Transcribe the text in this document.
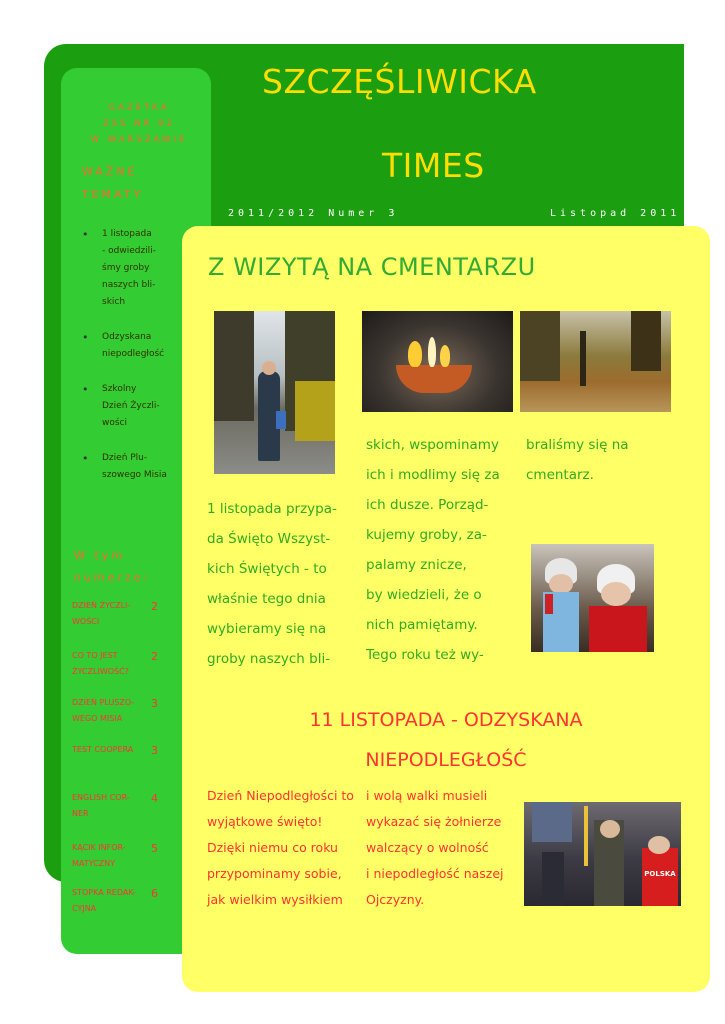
SZCZĘŚLIWICKA
TIMES
2011/2012 Numer 3	Listopad 2011
GAZETKA
ZSS NR 92
W WARSZAWIE
WAŻNE
TEMATY
• 1 listopada
- odwiedzili-
śmy groby
naszych bli-
skich
• Odzyskana
niepodległość
• Szkolny
Dzień Życzli-
wości
• Dzień Plu-
szowego Misia
W tym
numerze:
DZIEŃ ŻYCZLI-
WOŚCI
2
CO TO JEST
ŻYCZLIWOŚĆ?
2
DZIEŃ PLUSZO-
WEGO MISIA
3
TEST COOPERA	3
ENGLISH COR-
NER
4
KĄCIK INFOR-
MATYCZNY
5
STOPKA REDAK-
CYJNA
6
Z WIZYTĄ NA CMENTARZU
1 listopada przypa-
da Święto Wszyst-
kich Świętych - to
właśnie tego dnia
wybieramy się na
groby naszych bli-
skich, wspominamy
ich i modlimy się za
ich dusze. Porząd-
kujemy groby, za-
palamy znicze,
by wiedzieli, że o
nich pamiętamy.
Tego roku też wy-
braliśmy się na
cmentarz.
11 LISTOPADA - ODZYSKANA
NIEPODLEGŁOŚĆ
Dzień Niepodległości to
wyjątkowe święto!
Dzięki niemu co roku
przypominamy sobie,
jak wielkim wysiłkiem
i wolą walki musieli
wykazać się żołnierze
walczący o wolność
i niepodległość naszej
Ojczyzny.
POLSKA
